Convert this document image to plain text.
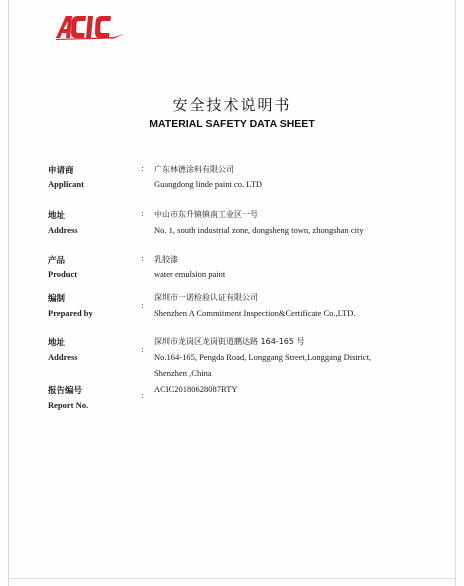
安全技术说明书
MATERIAL SAFETY DATA SHEET
申请商
Applicant
: 广东林德涂料有限公司
Guangdong linde paint co. LTD
地址
Address
: 中山市东升镇镇南工业区一号
No. 1, south industrial zone, dongsheng town, zhongshan city
产品
Product
: 乳胶漆
water emulsion paint
编制
Prepared by
:
深圳市一诺检验认证有限公司
Shenzhen A Commitment Inspection&Certificate Co.,LTD.
地址
Address
:
深圳市龙岗区龙岗街道鹏达路 164-165 号
No.164-165, Pengda Road, Longgang Street,Longgang District,
Shenzhen ,China
报告编号
Report No.
:
ACIC20180628087RTY
